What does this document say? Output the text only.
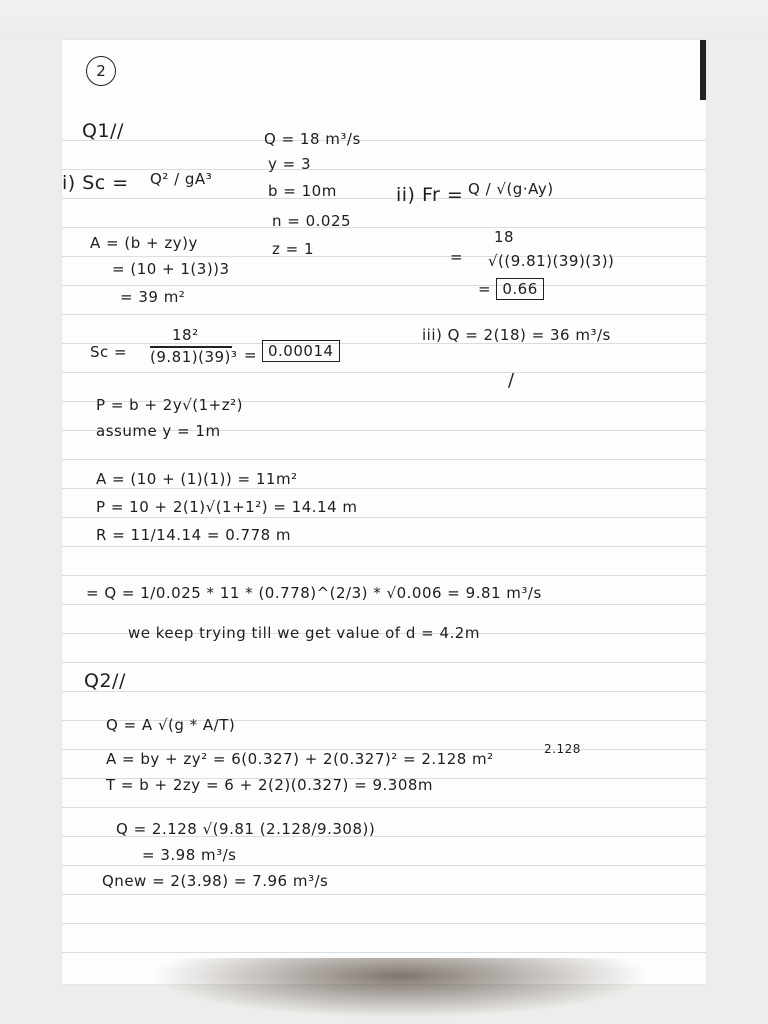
2
Q1//	Q = 18 m³/s
y = 3
b = 10m
n = 0.025
z = 1
i) Sc = Q² / gA³
A = (b + zy)y
= (10 + 1(3))3
= 39 m²
ii) Fr = Q / √(g·Ay)
18
= √((9.81)(39)(3))
= 0.66
iii) Q = 2(18) = 36 m³/s
Sc =
18²
(9.81)(39)³ = 0.00014
/
P = b + 2y√(1+z²)
assume y = 1m
A = (10 + (1)(1)) = 11m²
P = 10 + 2(1)√(1+1²) = 14.14 m
R = 11/14.14 = 0.778 m
= Q = 1/0.025 * 11 * (0.778)^(2/3) * √0.006 = 9.81 m³/s
we keep trying till we get value of d = 4.2m
Q2//
2.128
Q = A √(g * A/T)
A = by + zy² = 6(0.327) + 2(0.327)² = 2.128 m²
T = b + 2zy = 6 + 2(2)(0.327) = 9.308m
Q = 2.128 √(9.81 (2.128/9.308))
= 3.98 m³/s
Qnew = 2(3.98) = 7.96 m³/s
